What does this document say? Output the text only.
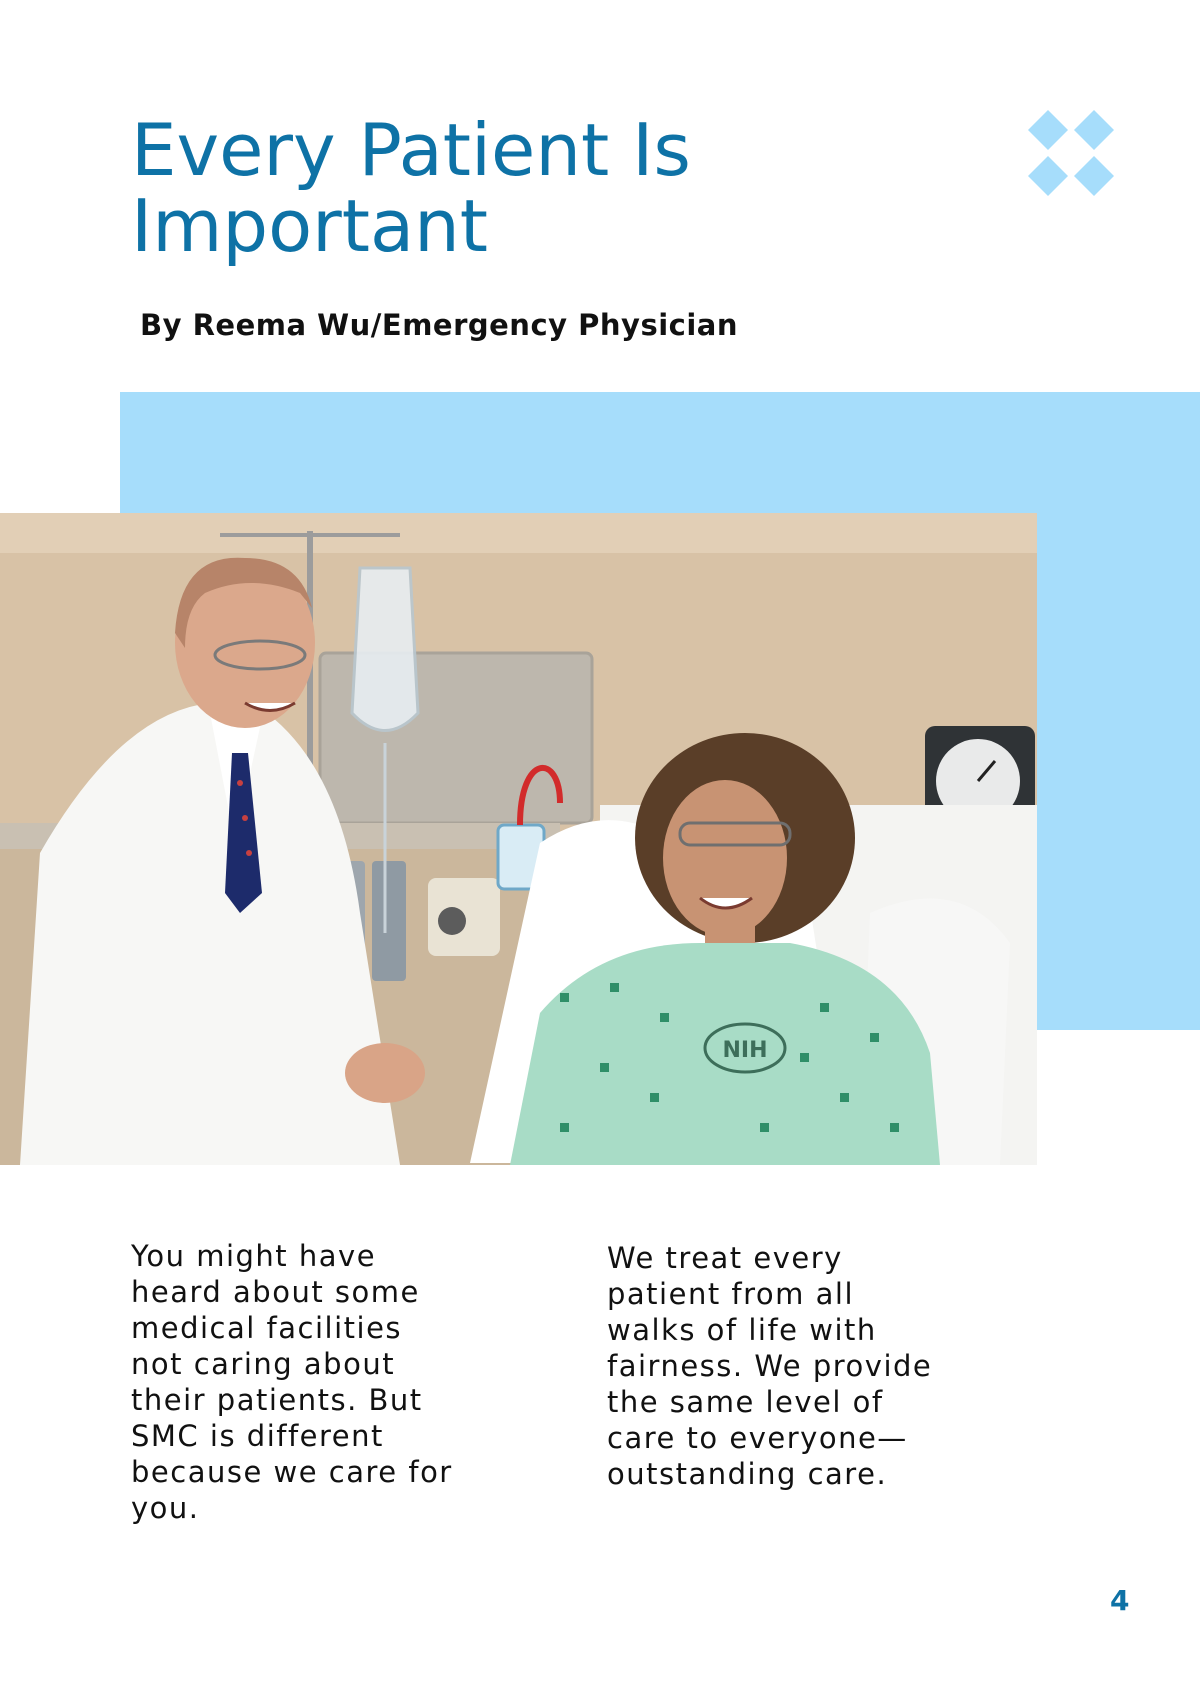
Every Patient Is
Important

By Reema Wu/Emergency Physician

NIH

You might have heard about some medical facilities not caring about their patients. But SMC is different because we care for you.

We treat every patient from all walks of life with fairness. We provide the same level of care to everyone—outstanding care.

4
